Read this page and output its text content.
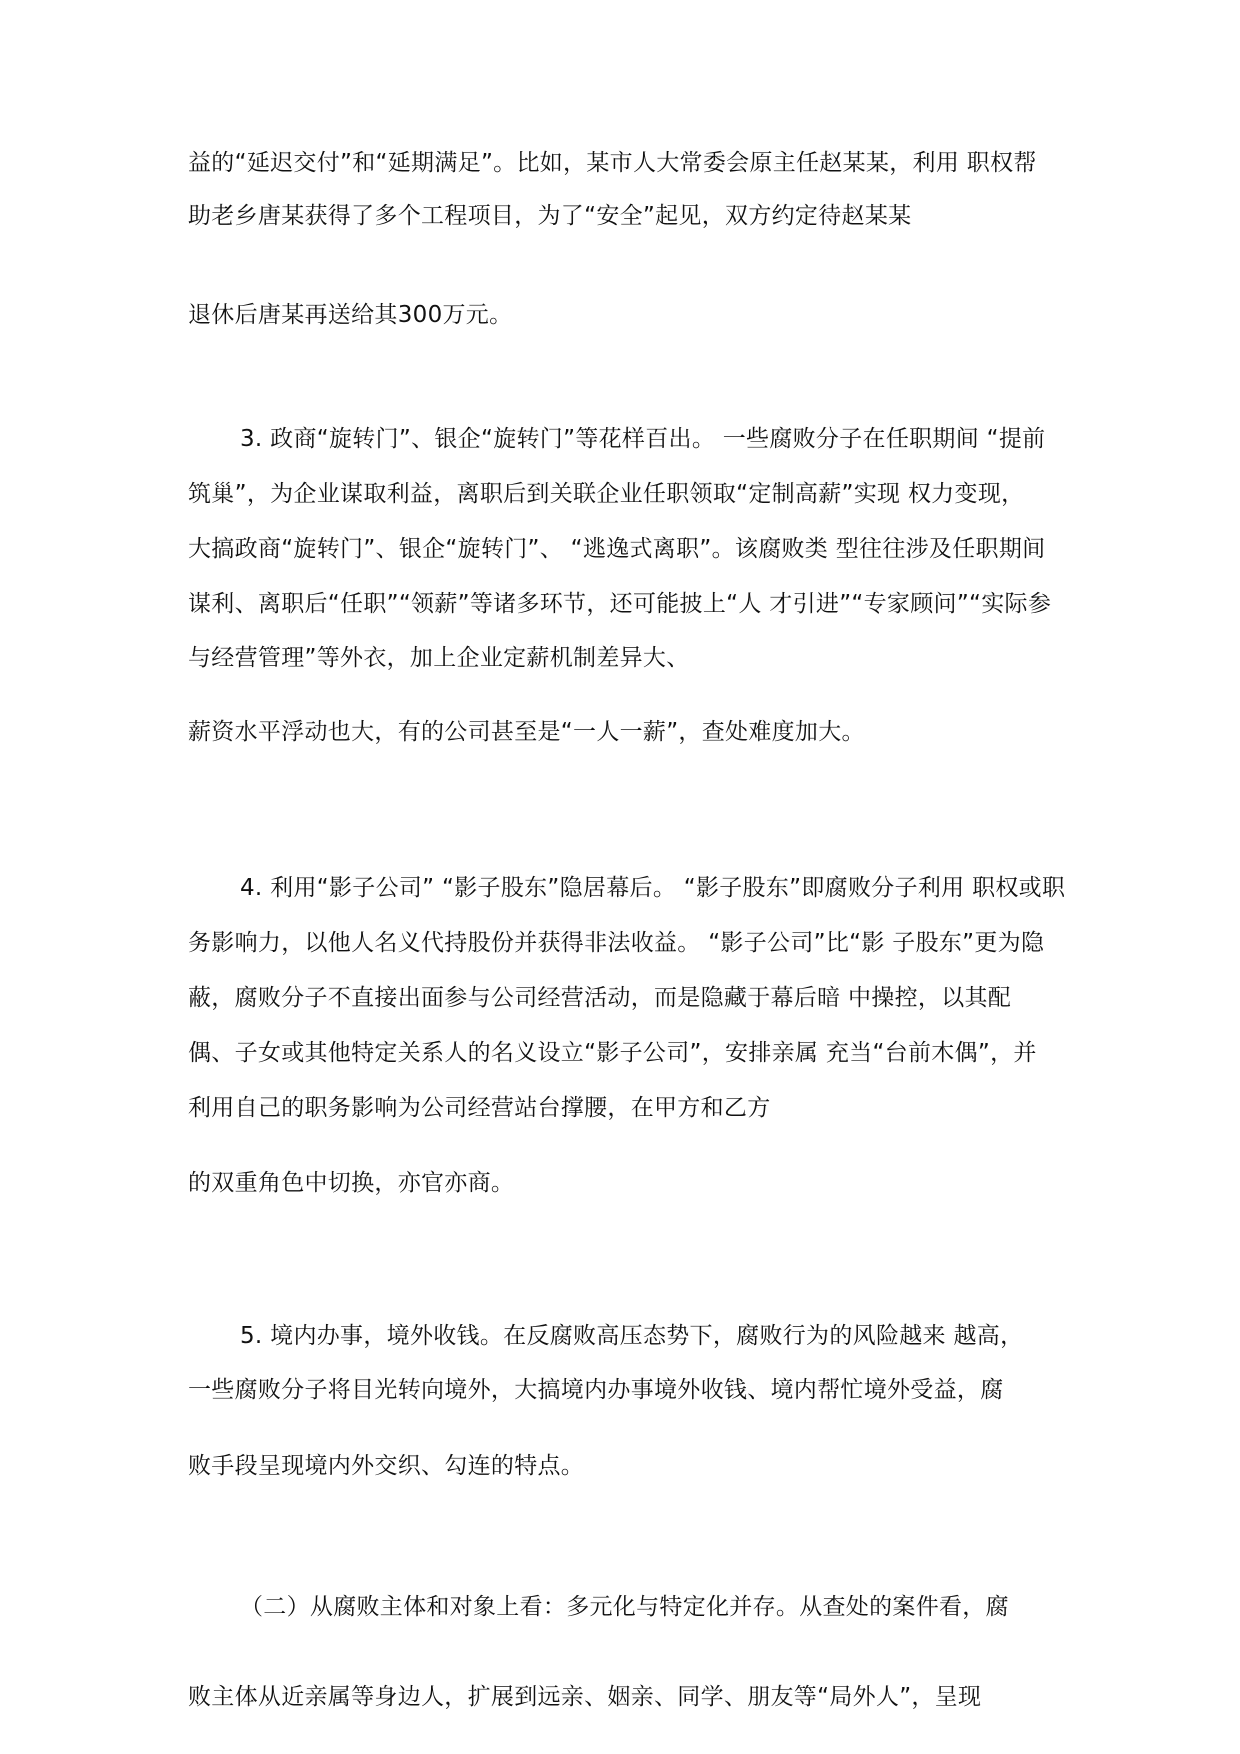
益的“延迟交付”和“延期满足”。比如，某市人大常委会原主任赵某某，利用 职权帮

助老乡唐某获得了多个工程项目，为了“安全”起见，双方约定待赵某某

退休后唐某再送给其300万元。

3. 政商“旋转门”、银企“旋转门”等花样百出。 一些腐败分子在任职期间 “提前

筑巢”，为企业谋取利益，离职后到关联企业任职领取“定制高薪”实现 权力变现，

大搞政商“旋转门”、银企“旋转门”、 “逃逸式离职”。该腐败类 型往往涉及任职期间

谋利、离职后“任职”“领薪”等诸多环节，还可能披上“人 才引进”“专家顾问”“实际参

与经营管理”等外衣，加上企业定薪机制差异大、

薪资水平浮动也大，有的公司甚至是“一人一薪”，查处难度加大。

4. 利用“影子公司” “影子股东”隐居幕后。 “影子股东”即腐败分子利用 职权或职

务影响力，以他人名义代持股份并获得非法收益。 “影子公司”比“影 子股东”更为隐

蔽，腐败分子不直接出面参与公司经营活动，而是隐藏于幕后暗 中操控，以其配

偶、子女或其他特定关系人的名义设立“影子公司”，安排亲属 充当“台前木偶”，并

利用自己的职务影响为公司经营站台撑腰，在甲方和乙方

的双重角色中切换，亦官亦商。

5. 境内办事，境外收钱。在反腐败高压态势下，腐败行为的风险越来 越高，

一些腐败分子将目光转向境外，大搞境内办事境外收钱、境内帮忙境外受益，腐

败手段呈现境内外交织、勾连的特点。

（二）从腐败主体和对象上看：多元化与特定化并存。从查处的案件看，腐

败主体从近亲属等身边人，扩展到远亲、姻亲、同学、朋友等“局外人”，呈现
